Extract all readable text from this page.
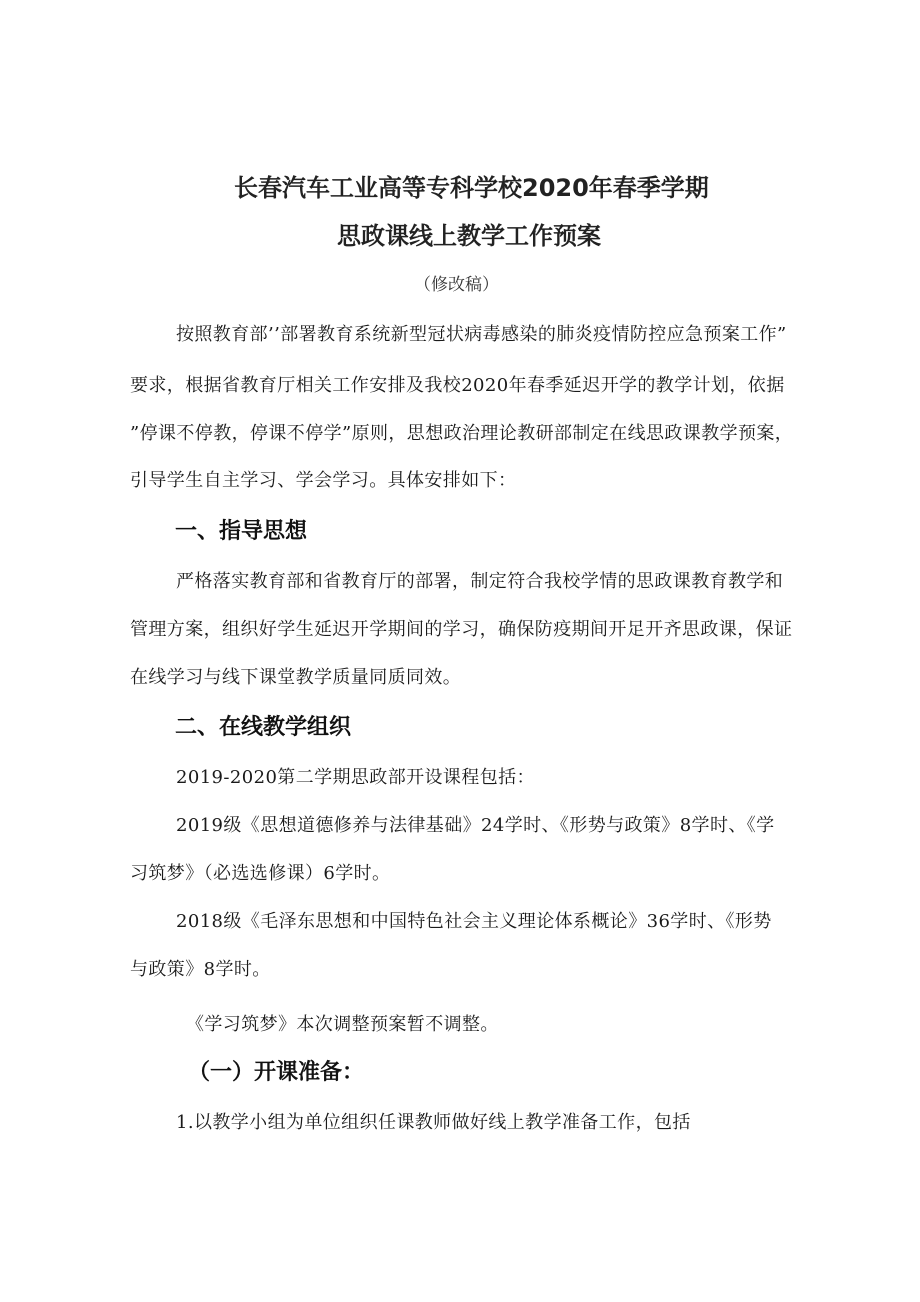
长春汽车工业高等专科学校2020年春季学期
思政课线上教学工作预案
（修改稿）
按照教育部’’部署教育系统新型冠状病毒感染的肺炎疫情防控应急预案工作”
要求，根据省教育厅相关工作安排及我校2020年春季延迟开学的教学计划，依据
”停课不停教，停课不停学”原则，思想政治理论教研部制定在线思政课教学预案，
引导学生自主学习、学会学习。具体安排如下：
一、指导思想
严格落实教育部和省教育厅的部署，制定符合我校学情的思政课教育教学和
管理方案，组织好学生延迟开学期间的学习，确保防疫期间开足开齐思政课，保证
在线学习与线下课堂教学质量同质同效。
二、在线教学组织
2019-2020第二学期思政部开设课程包括：
2019级《思想道德修养与法律基础》24学时、《形势与政策》8学时、《学
习筑梦》（必选选修课）6学时。
2018级《毛泽东思想和中国特色社会主义理论体系概论》36学时、《形势
与政策》8学时。
《学习筑梦》本次调整预案暂不调整。
（一）开课准备：
1.以教学小组为单位组织任课教师做好线上教学准备工作，包括
